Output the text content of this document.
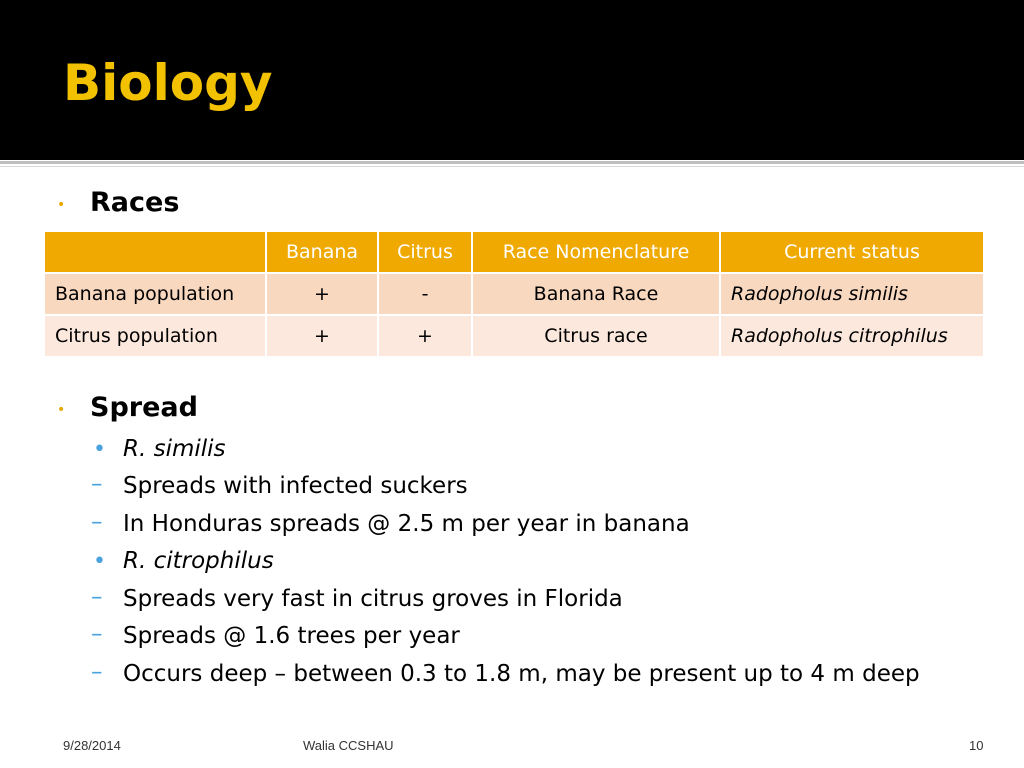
Biology
• Races
	Banana	Citrus	Race Nomenclature	Current status
Banana population	+	-	Banana Race	Radopholus similis
Citrus population	+	+	Citrus race	Radopholus citrophilus
• Spread
• R. similis
– Spreads with infected suckers
– In Honduras spreads @ 2.5 m per year in banana
• R. citrophilus
– Spreads very fast in citrus groves in Florida
– Spreads @ 1.6 trees per year
– Occurs deep – between 0.3 to 1.8 m, may be present up to 4 m deep
9/28/2014	Walia CCSHAU	10
